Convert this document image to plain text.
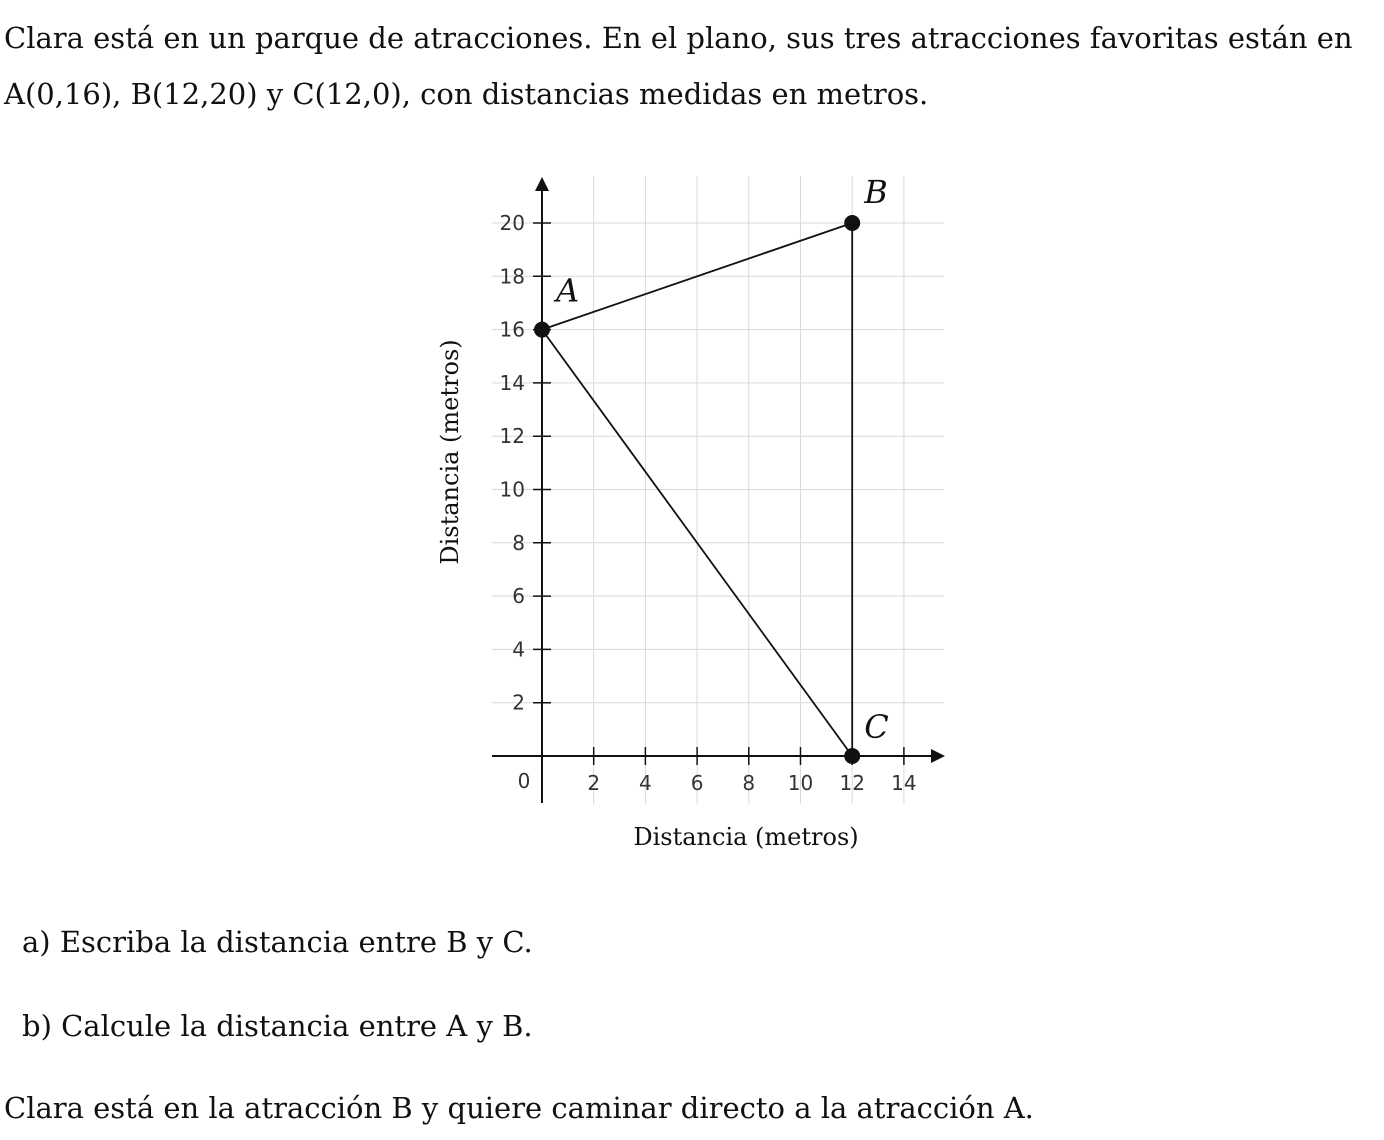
Clara está en un parque de atracciones. En el plano, sus tres atracciones favoritas están en A(0,16), B(12,20) y C(12,0), con distancias medidas en metros.

2 4 6 8 10 12 14
2
4
6
8
10
12
14
16
18
20
0
Distancia (metros)
Distancia (metros)
A
B
C

a) Escriba la distancia entre B y C.

b) Calcule la distancia entre A y B.

Clara está en la atracción B y quiere caminar directo a la atracción A.
